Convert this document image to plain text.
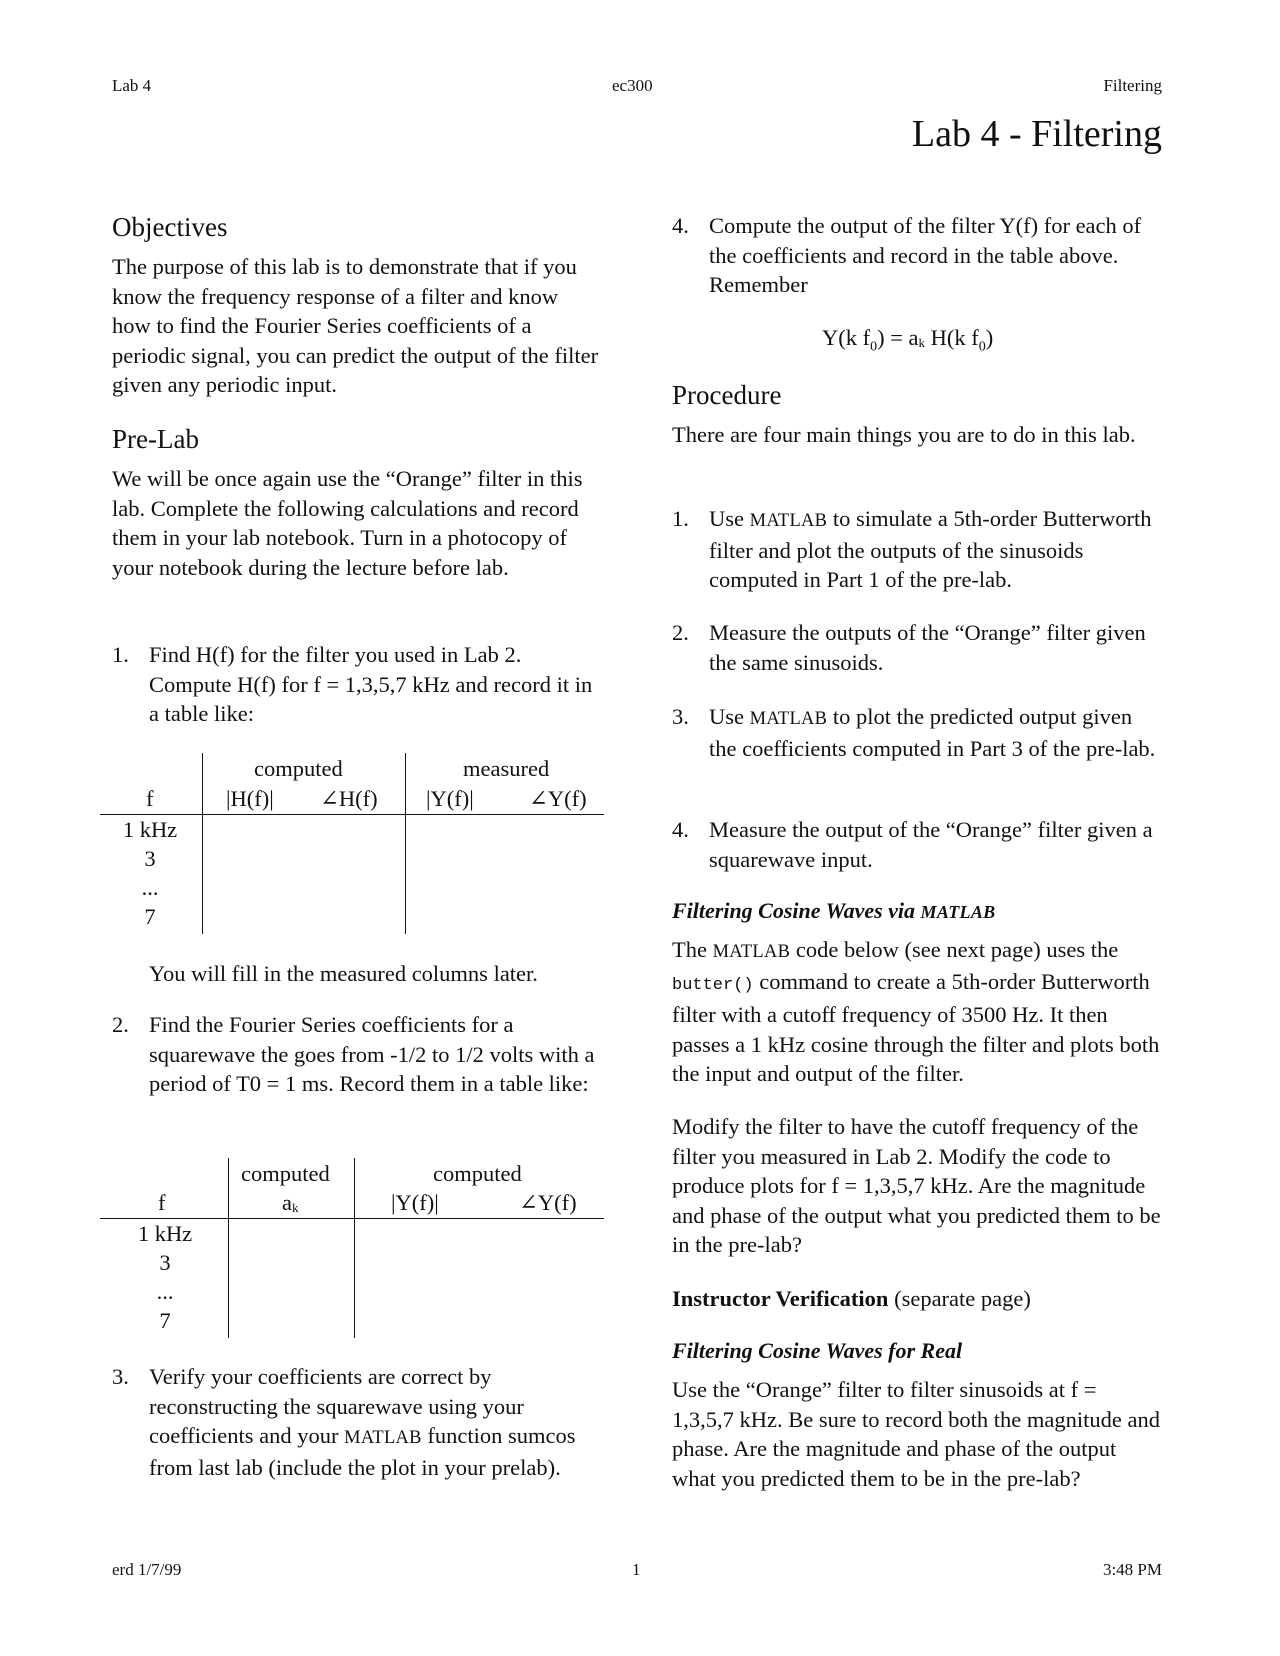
Lab 4	ec300	Filtering
Lab 4 - Filtering
Objectives

The purpose of this lab is to demonstrate that if you know the frequency response of a filter and know how to find the Fourier Series coefficients of a periodic signal, you can predict the output of the filter given any periodic input.

Pre-Lab

We will be once again use the “Orange” filter in this lab. Complete the following calculations and record them in your lab notebook. Turn in a photocopy of your notebook during the lecture before lab.

1. Find H(f) for the filter you used in Lab 2. Compute H(f) for f = 1,3,5,7 kHz and record it in a table like:
computed	measured
f	|H(f)| ∠H(f) |Y(f)| ∠Y(f)
1 kHz
3
...
7
You will fill in the measured columns later.
2. Find the Fourier Series coefficients for a squarewave the goes from -1/2 to 1/2 volts with a period of T0 = 1 ms. Record them in a table like:
computed	computed
f	ak	|Y(f)|	∠Y(f)
1 kHz
3
...
7
3. Verify your coefficients are correct by reconstructing the squarewave using your coefficients and your MATLAB function sumcos from last lab (include the plot in your prelab).
4. Compute the output of the filter Y(f) for each of the coefficients and record in the table above. Remember
Y(k $f_0$) = ak H(k $f_0$)
Procedure

There are four main things you are to do in this lab.

1. Use MATLAB to simulate a 5th-order Butterworth filter and plot the outputs of the sinusoids computed in Part 1 of the pre-lab.
2. Measure the outputs of the “Orange” filter given the same sinusoids.
3. Use MATLAB to plot the predicted output given the coefficients computed in Part 3 of the pre-lab.
4. Measure the output of the “Orange” filter given a squarewave input.
Filtering Cosine Waves via MATLAB

The MATLAB code below (see next page) uses the butter() command to create a 5th-order Butterworth filter with a cutoff frequency of 3500 Hz. It then passes a 1 kHz cosine through the filter and plots both the input and output of the filter.

Modify the filter to have the cutoff frequency of the filter you measured in Lab 2. Modify the code to produce plots for f = 1,3,5,7 kHz. Are the magnitude and phase of the output what you predicted them to be in the pre-lab?

Instructor Verification (separate page)

Filtering Cosine Waves for Real

Use the “Orange” filter to filter sinusoids at f = 1,3,5,7 kHz. Be sure to record both the magnitude and phase. Are the magnitude and phase of the output what you predicted them to be in the pre-lab?

erd 1/7/99	1	3:48 PM
